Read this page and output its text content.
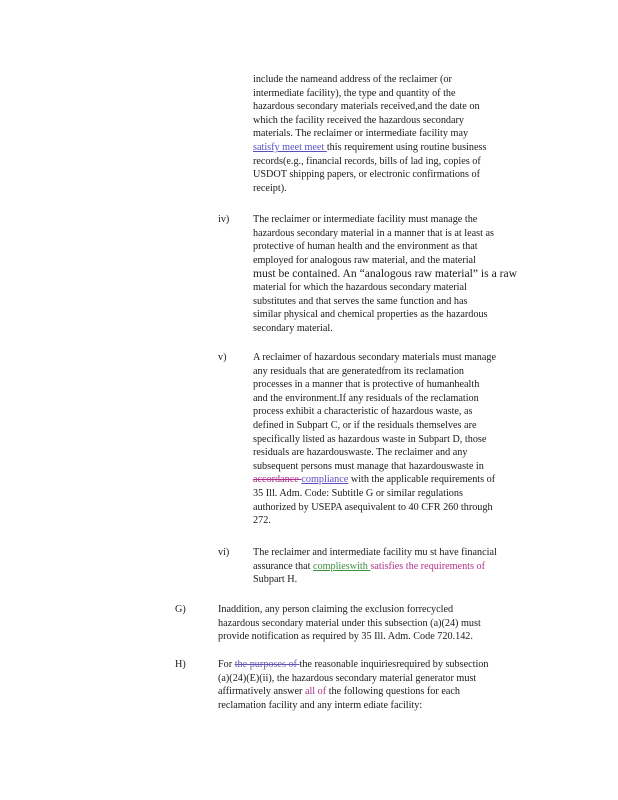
include the nameand address of the reclaimer (or

intermediate facility), the type and quantity of the

hazardous secondary materials received,and the date on

which the facility received the hazardous secondary

materials. The reclaimer or intermediate facility may

satisfy meet meet this requirement using routine business

records(e.g., financial records, bills of lad ing, copies of

USDOT shipping papers, or electronic confirmations of

receipt).

iv) The reclaimer or intermediate facility must manage the

hazardous secondary material in a manner that is at least as

protective of human health and the environment as that

employed for analogous raw material, and the material

must be contained. An “analogous raw material” is a raw

material for which the hazardous secondary material

substitutes and that serves the same function and has

similar physical and chemical properties as the hazardous

secondary material.

v)	A reclaimer of hazardous secondary materials must manage

any residuals that are generatedfrom its reclamation

processes in a manner that is protective of humanhealth

and the environment.If any residuals of the reclamation

process exhibit a characteristic of hazardous waste, as

defined in Subpart C, or if the residuals themselves are

specifically listed as hazardous waste in Subpart D, those

residuals are hazardouswaste. The reclaimer and any

subsequent persons must manage that hazardouswaste in

accordance compliance with the applicable requirements of

35 Ill. Adm. Code: Subtitle G or similar regulations

authorized by USEPA asequivalent to 40 CFR 260 through

272.

vi) The reclaimer and intermediate facility mu st have financial

assurance that complieswith satisfies the requirements of

Subpart H.

G)	Inaddition, any person claiming the exclusion forrecycled

hazardous secondary material under this subsection (a)(24) must

provide notification as required by 35 Ill. Adm. Code 720.142.

H)	For the purposes of the reasonable inquiriesrequired by subsection

(a)(24)(E)(ii), the hazardous secondary material generator must

affirmatively answer all of the following questions for each

reclamation facility and any interm ediate facility:
